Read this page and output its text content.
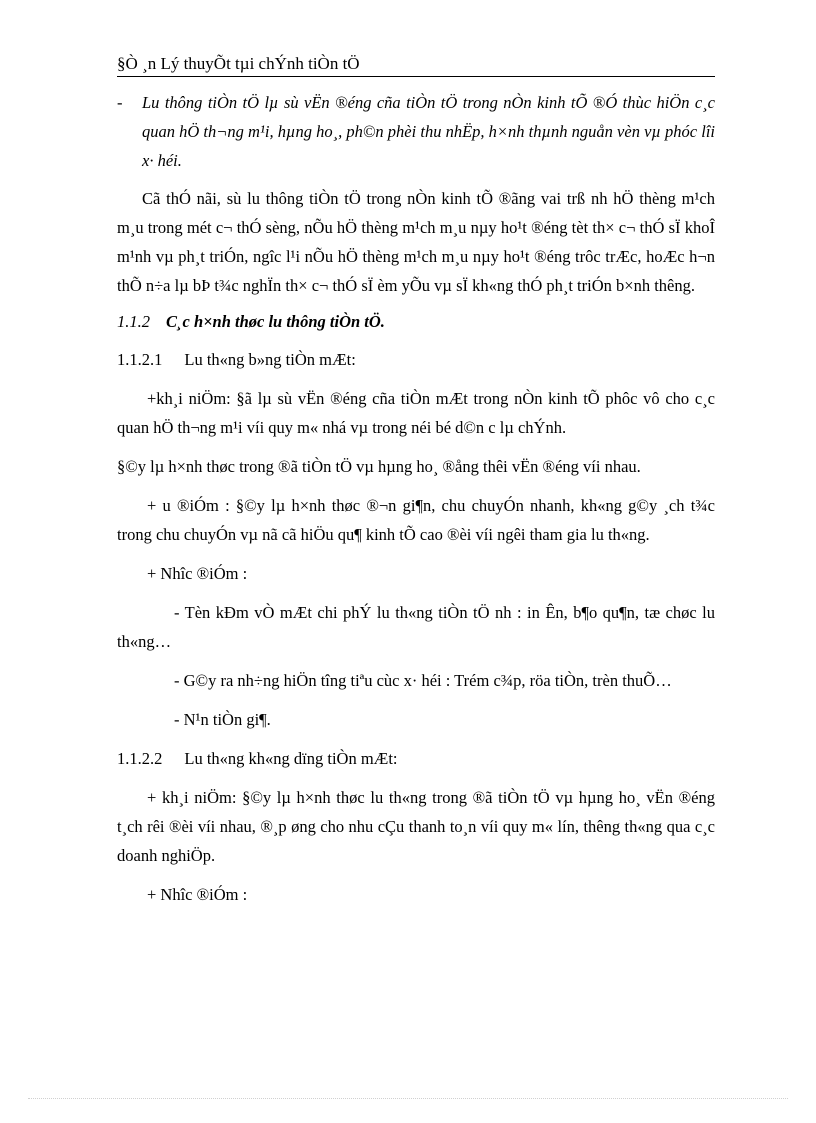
§Ò ¸n Lý thuyÕt tµi chÝnh tiÒn tÖ

- Lu thông tiÒn tÖ lµ sù vËn ®éng cña tiÒn tÖ trong nÒn kinh tÕ ®Ó thùc hiÖn c¸c quan hÖ th¬ng m¹i, hµng ho¸, ph©n phèi thu nhËp, h×nh thµnh nguån vèn vµ phóc lîi x· héi.

Cã thÓ nãi, sù lu thông tiÒn tÖ trong nÒn kinh tÕ ®ãng vai trß nh hÖ thèng m¹ch m¸u trong mét c¬ thÓ sèng, nÕu hÖ thèng m¹ch m¸u nµy ho¹t ®éng tèt th× c¬ thÓ sÏ khoÎ m¹nh vµ ph¸t triÓn, ngîc l¹i nÕu hÖ thèng m¹ch m¸u nµy ho¹t ®éng trôc trÆc, hoÆc h¬n thÕ n÷a lµ bÞ t¾c nghÏn th× c¬ thÓ sÏ èm yÕu vµ sÏ kh«ng thÓ ph¸t triÓn b×nh thêng.

1.1.2 C¸c h×nh thøc lu thông tiÒn tÖ.

1.1.2.1 Lu th«ng b»ng tiÒn mÆt:

+kh¸i niÖm: §ã lµ sù vËn ®éng cña tiÒn mÆt trong nÒn kinh tÕ phôc vô cho c¸c quan hÖ th¬ng m¹i víi quy m« nhá vµ trong néi bé d©n c lµ chÝnh.

§©y lµ h×nh thøc trong ®ã tiÒn tÖ vµ hµng ho¸ ®ång thêi vËn ®éng víi nhau.

+ u ®iÓm : §©y lµ h×nh thøc ®¬n gi¶n, chu chuyÓn nhanh, kh«ng g©y ¸ch t¾c trong chu chuyÓn vµ nã cã hiÖu qu¶ kinh tÕ cao ®èi víi ngêi tham gia lu th«ng.

+ Nhîc ®iÓm :

- Tèn kÐm vÒ mÆt chi phÝ lu th«ng tiÒn tÖ nh : in Ên, b¶o qu¶n, tæ chøc lu th«ng…

- G©y ra nh÷ng hiÖn tîng tiªu cùc x· héi : Trém c¾p, röa tiÒn, trèn thuÕ…

- N¹n tiÒn gi¶.

1.1.2.2 Lu th«ng kh«ng dïng tiÒn mÆt:

+ kh¸i niÖm: §©y lµ h×nh thøc lu th«ng trong ®ã tiÒn tÖ vµ hµng ho¸ vËn ®éng t¸ch rêi ®èi víi nhau, ®¸p øng cho nhu cÇu thanh to¸n víi quy m« lín, thêng th«ng qua c¸c doanh nghiÖp.

+ Nhîc ®iÓm :
